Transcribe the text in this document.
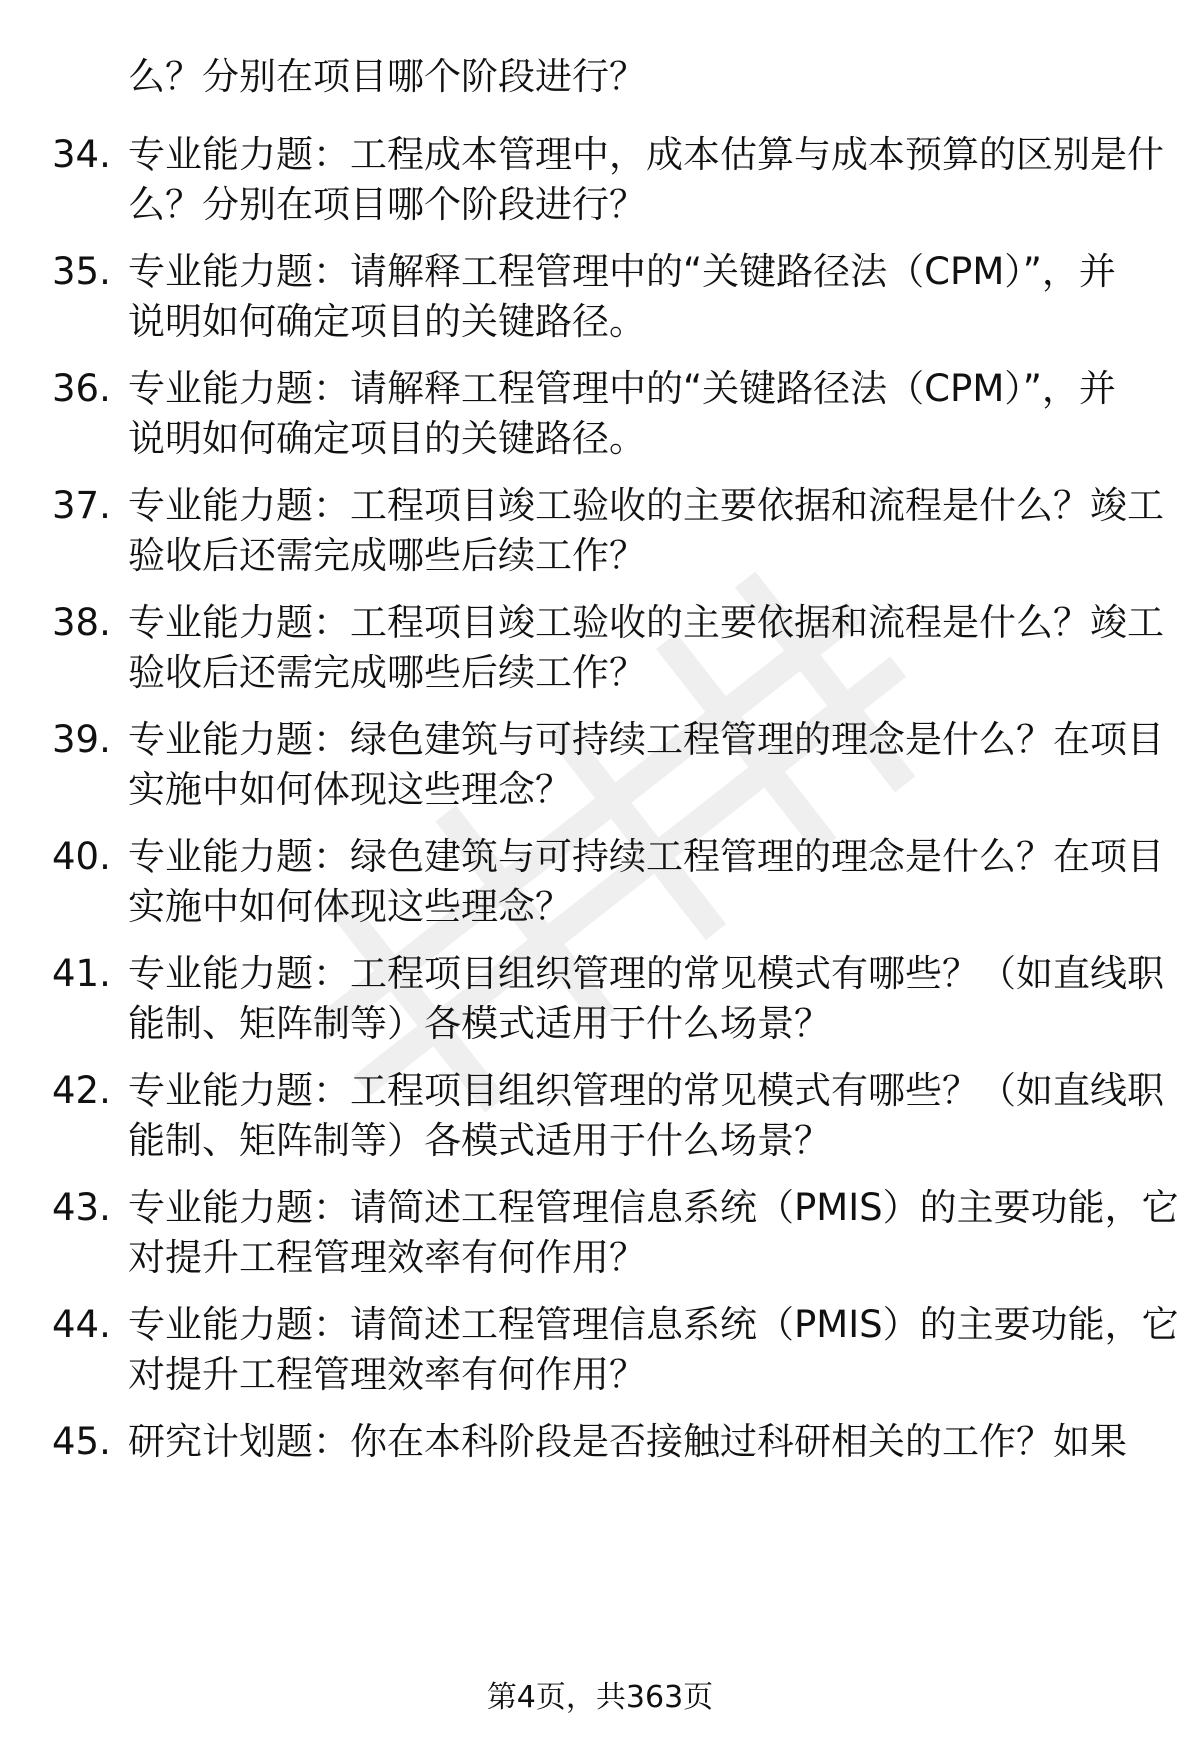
么？分别在项目哪个阶段进行？
34. 专业能力题：工程成本管理中，成本估算与成本预算的区别是什
么？分别在项目哪个阶段进行？
35. 专业能力题：请解释工程管理中的“关键路径法（CPM）”，并
说明如何确定项目的关键路径。
36. 专业能力题：请解释工程管理中的“关键路径法（CPM）”，并
说明如何确定项目的关键路径。
37. 专业能力题：工程项目竣工验收的主要依据和流程是什么？竣工
验收后还需完成哪些后续工作？
38. 专业能力题：工程项目竣工验收的主要依据和流程是什么？竣工
验收后还需完成哪些后续工作？
39. 专业能力题：绿色建筑与可持续工程管理的理念是什么？在项目
实施中如何体现这些理念？
40. 专业能力题：绿色建筑与可持续工程管理的理念是什么？在项目
实施中如何体现这些理念？
41. 专业能力题：工程项目组织管理的常见模式有哪些？（如直线职
能制、矩阵制等）各模式适用于什么场景？
42. 专业能力题：工程项目组织管理的常见模式有哪些？（如直线职
能制、矩阵制等）各模式适用于什么场景？
43. 专业能力题：请简述工程管理信息系统（PMIS）的主要功能，它
对提升工程管理效率有何作用？
44. 专业能力题：请简述工程管理信息系统（PMIS）的主要功能，它
对提升工程管理效率有何作用？
45. 研究计划题：你在本科阶段是否接触过科研相关的工作？如果
第4页，共363页
